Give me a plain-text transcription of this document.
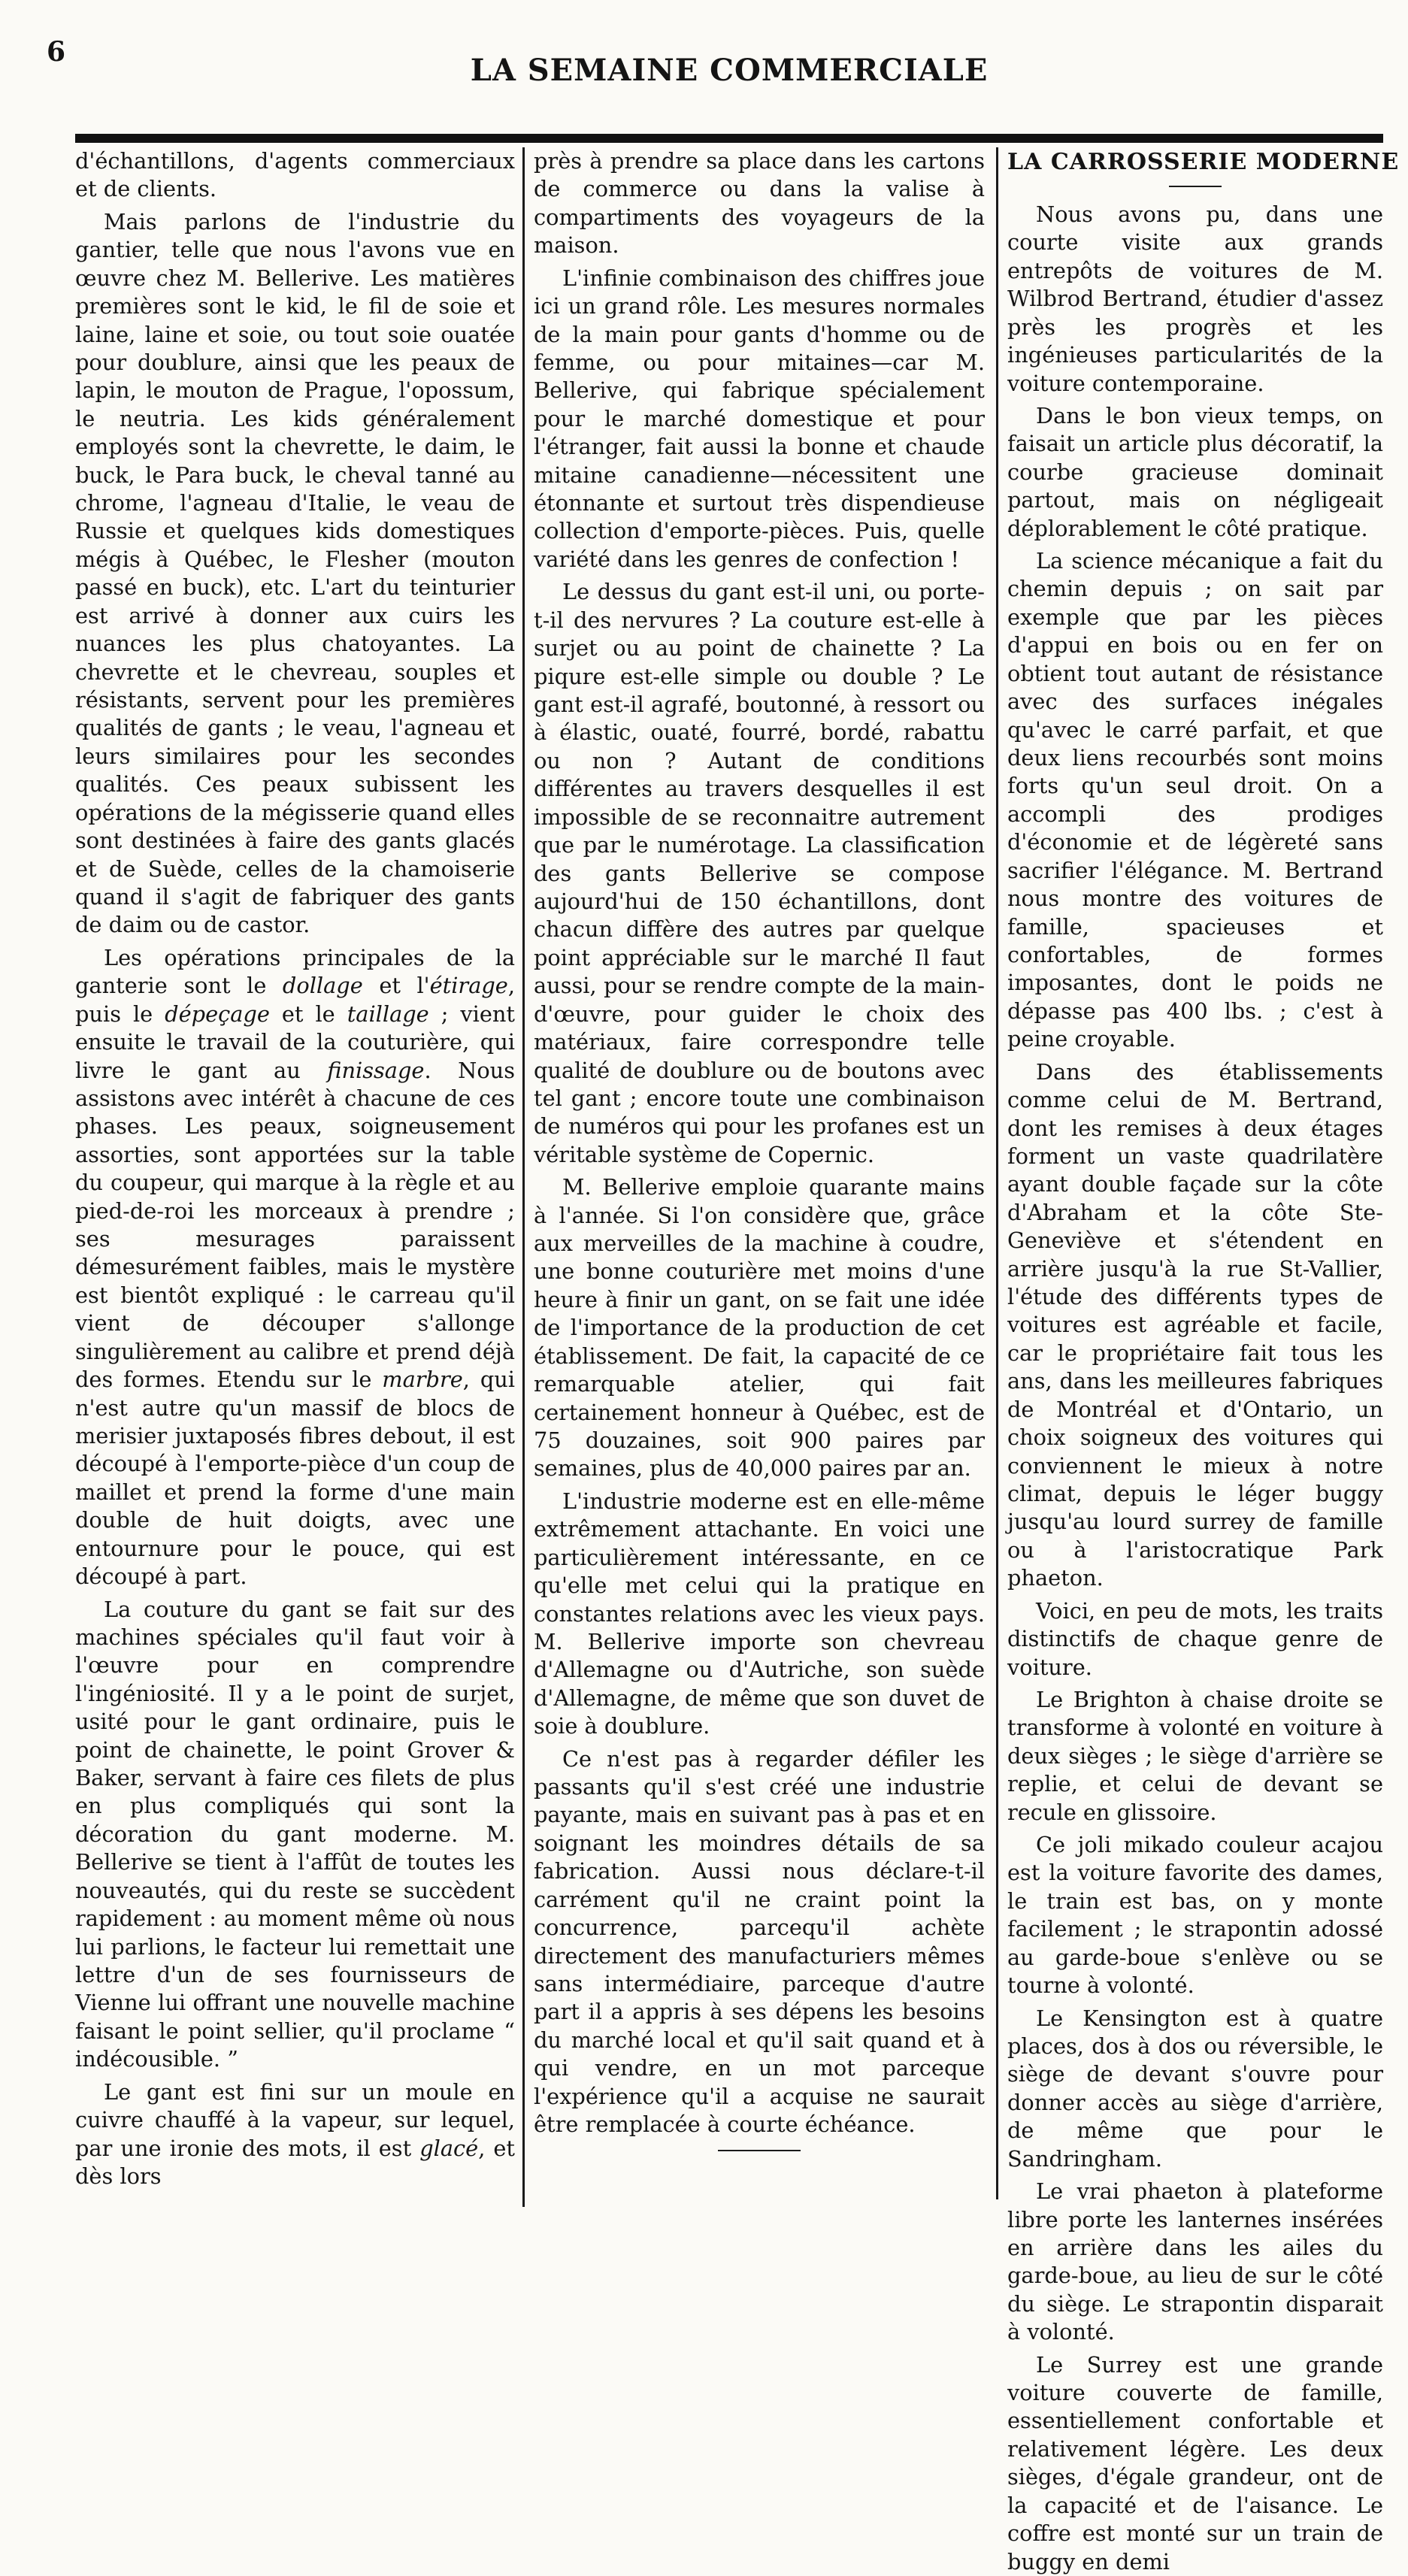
6
LA SEMAINE COMMERCIALE

d'échantillons, d'agents commerciaux et de clients.

Mais parlons de l'industrie du gantier, telle que nous l'avons vue en œuvre chez M. Bellerive. Les matières premières sont le kid, le fil de soie et laine, laine et soie, ou tout soie ouatée pour doublure, ainsi que les peaux de lapin, le mouton de Prague, l'opossum, le neutria. Les kids généralement employés sont la chevrette, le daim, le buck, le Para buck, le cheval tanné au chrome, l'agneau d'Italie, le veau de Russie et quelques kids domestiques mégis à Québec, le Flesher (mouton passé en buck), etc. L'art du teinturier est arrivé à donner aux cuirs les nuances les plus chatoyantes. La chevrette et le chevreau, souples et résistants, servent pour les premières qualités de gants ; le veau, l'agneau et leurs similaires pour les secondes qualités. Ces peaux subissent les opérations de la mégisserie quand elles sont destinées à faire des gants glacés et de Suède, celles de la chamoiserie quand il s'agit de fabriquer des gants de daim ou de castor.

Les opérations principales de la ganterie sont le dollage et l'étirage, puis le dépeçage et le taillage ; vient ensuite le travail de la couturière, qui livre le gant au finissage. Nous assistons avec intérêt à chacune de ces phases. Les peaux, soigneusement assorties, sont apportées sur la table du coupeur, qui marque à la règle et au pied-de-roi les morceaux à prendre ; ses mesurages paraissent démesurément faibles, mais le mystère est bientôt expliqué : le carreau qu'il vient de découper s'allonge singulièrement au calibre et prend déjà des formes. Etendu sur le marbre, qui n'est autre qu'un massif de blocs de merisier juxtaposés fibres debout, il est découpé à l'emporte-pièce d'un coup de maillet et prend la forme d'une main double de huit doigts, avec une entournure pour le pouce, qui est découpé à part.

La couture du gant se fait sur des machines spéciales qu'il faut voir à l'œuvre pour en comprendre l'ingéniosité. Il y a le point de surjet, usité pour le gant ordinaire, puis le point de chainette, le point Grover & Baker, servant à faire ces filets de plus en plus compliqués qui sont la décoration du gant moderne. M. Bellerive se tient à l'affût de toutes les nouveautés, qui du reste se succèdent rapidement : au moment même où nous lui parlions, le facteur lui remettait une lettre d'un de ses fournisseurs de Vienne lui offrant une nouvelle machine faisant le point sellier, qu'il proclame “ indécousible. ”

Le gant est fini sur un moule en cuivre chauffé à la vapeur, sur lequel, par une ironie des mots, il est glacé, et dès lors

près à prendre sa place dans les cartons de commerce ou dans la valise à compartiments des voyageurs de la maison.

L'infinie combinaison des chiffres joue ici un grand rôle. Les mesures normales de la main pour gants d'homme ou de femme, ou pour mitaines—car M. Bellerive, qui fabrique spécialement pour le marché domestique et pour l'étranger, fait aussi la bonne et chaude mitaine canadienne—nécessitent une étonnante et surtout très dispendieuse collection d'emporte-pièces. Puis, quelle variété dans les genres de confection !

Le dessus du gant est-il uni, ou porte-t-il des nervures ? La couture est-elle à surjet ou au point de chainette ? La piqure est-elle simple ou double ? Le gant est-il agrafé, boutonné, à ressort ou à élastic, ouaté, fourré, bordé, rabattu ou non ? Autant de conditions différentes au travers desquelles il est impossible de se reconnaitre autrement que par le numérotage. La classification des gants Bellerive se compose aujourd'hui de 150 échantillons, dont chacun diffère des autres par quelque point appréciable sur le marché Il faut aussi, pour se rendre compte de la main-d'œuvre, pour guider le choix des matériaux, faire correspondre telle qualité de doublure ou de boutons avec tel gant ; encore toute une combinaison de numéros qui pour les profanes est un véritable système de Copernic.

M. Bellerive emploie quarante mains à l'année. Si l'on considère que, grâce aux merveilles de la machine à coudre, une bonne couturière met moins d'une heure à finir un gant, on se fait une idée de l'importance de la production de cet établissement. De fait, la capacité de ce remarquable atelier, qui fait certainement honneur à Québec, est de 75 douzaines, soit 900 paires par semaines, plus de 40,000 paires par an.

L'industrie moderne est en elle-même extrêmement attachante. En voici une particulièrement intéressante, en ce qu'elle met celui qui la pratique en constantes relations avec les vieux pays. M. Bellerive importe son chevreau d'Allemagne ou d'Autriche, son suède d'Allemagne, de même que son duvet de soie à doublure.

Ce n'est pas à regarder défiler les passants qu'il s'est créé une industrie payante, mais en suivant pas à pas et en soignant les moindres détails de sa fabrication. Aussi nous déclare-t-il carrément qu'il ne craint point la concurrence, parcequ'il achète directement des manufacturiers mêmes sans intermédiaire, parceque d'autre part il a appris à ses dépens les besoins du marché local et qu'il sait quand et à qui vendre, en un mot parceque l'expérience qu'il a acquise ne saurait être remplacée à courte échéance.

LA CARROSSERIE MODERNE

Nous avons pu, dans une courte visite aux grands entrepôts de voitures de M. Wilbrod Bertrand, étudier d'assez près les progrès et les ingénieuses particularités de la voiture contemporaine.

Dans le bon vieux temps, on faisait un article plus décoratif, la courbe gracieuse dominait partout, mais on négligeait déplorablement le côté pratique.

La science mécanique a fait du chemin depuis ; on sait par exemple que par les pièces d'appui en bois ou en fer on obtient tout autant de résistance avec des surfaces inégales qu'avec le carré parfait, et que deux liens recourbés sont moins forts qu'un seul droit. On a accompli des prodiges d'économie et de légèreté sans sacrifier l'élégance. M. Bertrand nous montre des voitures de famille, spacieuses et confortables, de formes imposantes, dont le poids ne dépasse pas 400 lbs. ; c'est à peine croyable.

Dans des établissements comme celui de M. Bertrand, dont les remises à deux étages forment un vaste quadrilatère ayant double façade sur la côte d'Abraham et la côte Ste-Geneviève et s'étendent en arrière jusqu'à la rue St-Vallier, l'étude des différents types de voitures est agréable et facile, car le propriétaire fait tous les ans, dans les meilleures fabriques de Montréal et d'Ontario, un choix soigneux des voitures qui conviennent le mieux à notre climat, depuis le léger buggy jusqu'au lourd surrey de famille ou à l'aristocratique Park phaeton.

Voici, en peu de mots, les traits distinctifs de chaque genre de voiture.

Le Brighton à chaise droite se transforme à volonté en voiture à deux sièges ; le siège d'arrière se replie, et celui de devant se recule en glissoire.

Ce joli mikado couleur acajou est la voiture favorite des dames, le train est bas, on y monte facilement ; le strapontin adossé au garde-boue s'enlève ou se tourne à volonté.

Le Kensington est à quatre places, dos à dos ou réversible, le siège de devant s'ouvre pour donner accès au siège d'arrière, de même que pour le Sandringham.

Le vrai phaeton à plateforme libre porte les lanternes insérées en arrière dans les ailes du garde-boue, au lieu de sur le côté du siège. Le strapontin disparait à volonté.

Le Surrey est une grande voiture couverte de famille, essentiellement confortable et relativement légère. Les deux sièges, d'égale grandeur, ont de la capacité et de l'aisance. Le coffre est monté sur un train de buggy en demi
